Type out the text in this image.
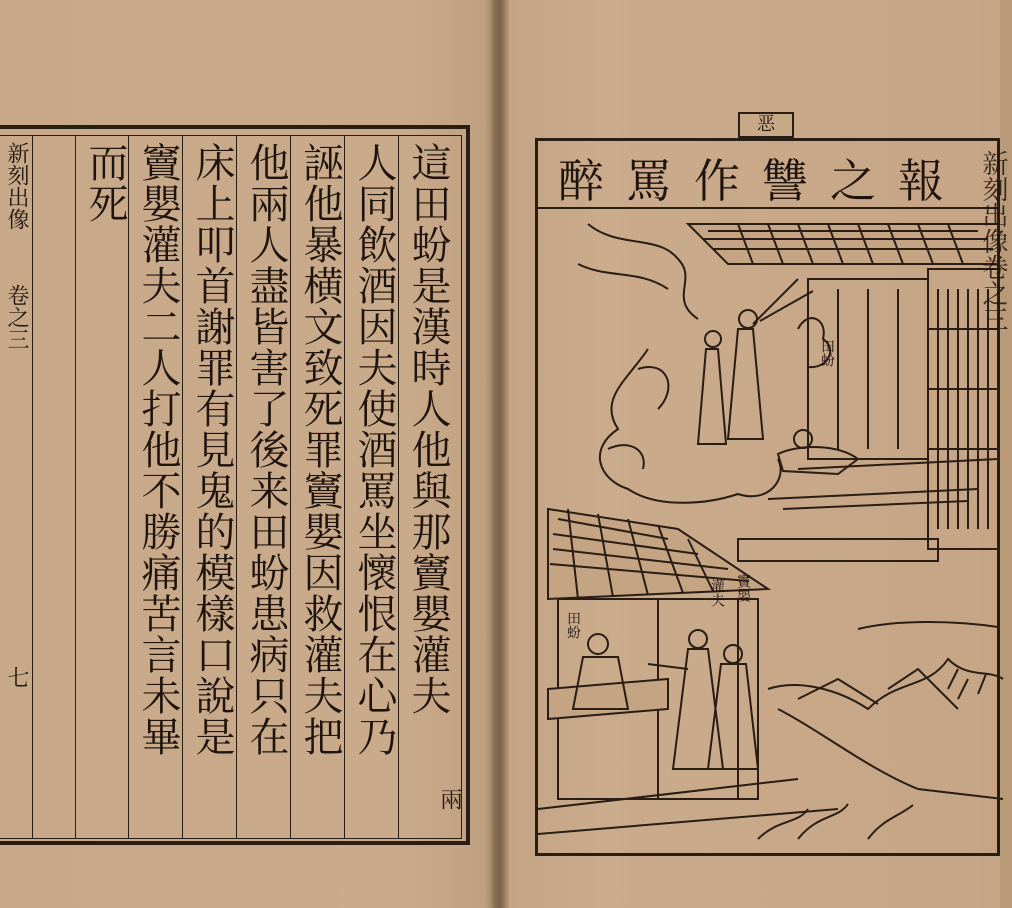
新刻出像
卷之三
七	這田蚡是漢時人他與那竇嬰灌夫
兩
人同飲酒因夫使酒罵坐懷恨在心乃
誣他暴横文致死罪竇嬰因救灌夫把
他兩人盡皆害了後来田蚡患病只在
床上叩首謝罪有見鬼的模樣口說是
竇嬰灌夫二人打他不勝痛苦言未畢
而死
恶
醉罵作讐之報
田蚡
灌夫 竇嬰
田蚡
新刻出像卷之三
